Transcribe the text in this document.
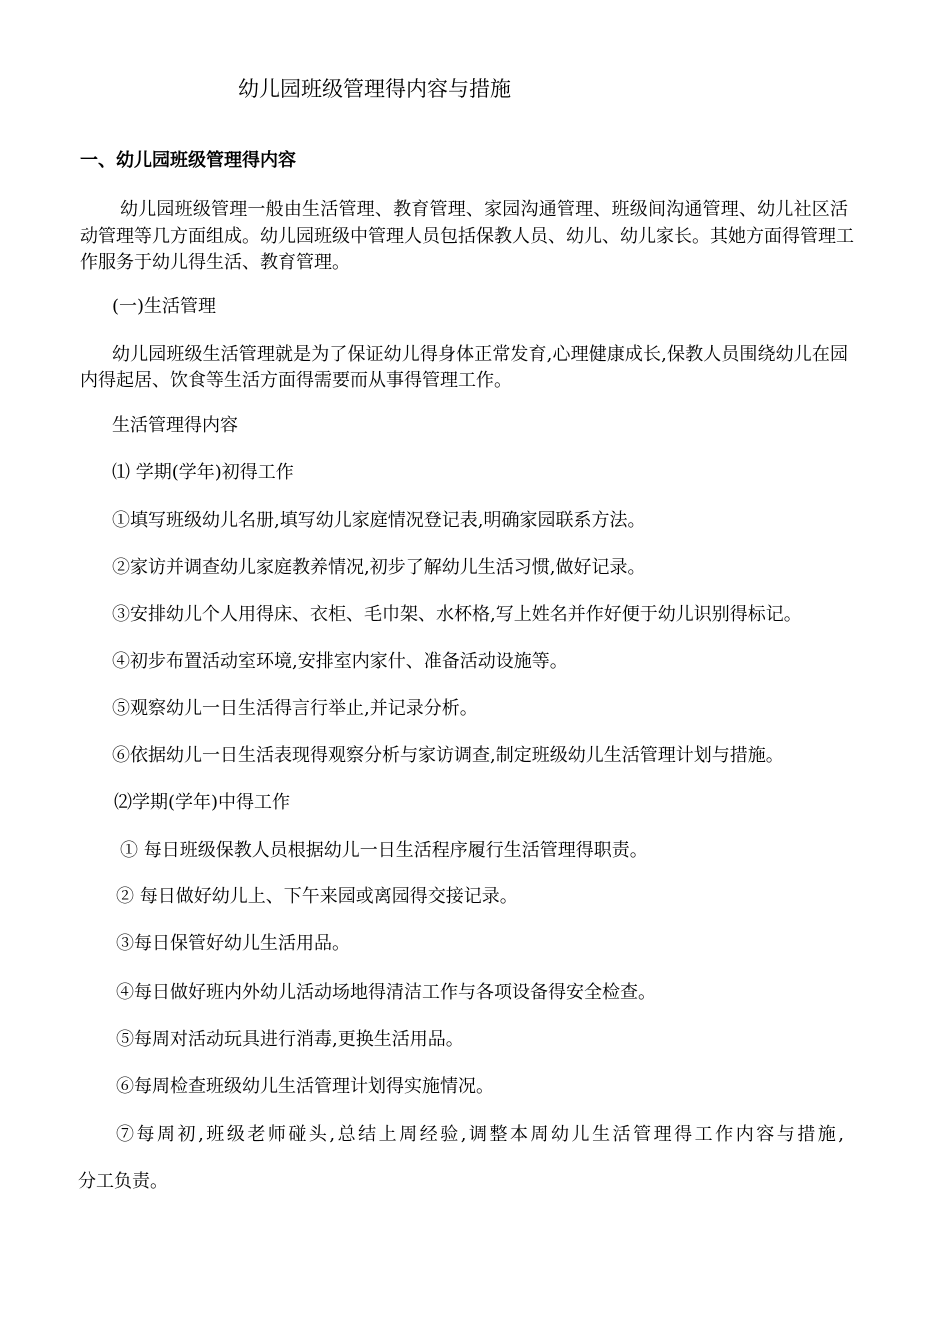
幼儿园班级管理得内容与措施
一、幼儿园班级管理得内容
幼儿园班级管理一般由生活管理、教育管理、家园沟通管理、班级间沟通管理、幼儿社区活
动管理等几方面组成。幼儿园班级中管理人员包括保教人员、幼儿、幼儿家长。其她方面得管理工
作服务于幼儿得生活、教育管理。
(一)生活管理
幼儿园班级生活管理就是为了保证幼儿得身体正常发育,心理健康成长,保教人员围绕幼儿在园
内得起居、饮食等生活方面得需要而从事得管理工作。
生活管理得内容
⑴ 学期(学年)初得工作
①填写班级幼儿名册,填写幼儿家庭情况登记表,明确家园联系方法。
②家访并调查幼儿家庭教养情况,初步了解幼儿生活习惯,做好记录。
③安排幼儿个人用得床、衣柜、毛巾架、水杯格,写上姓名并作好便于幼儿识别得标记。
④初步布置活动室环境,安排室内家什、准备活动设施等。
⑤观察幼儿一日生活得言行举止,并记录分析。
⑥依据幼儿一日生活表现得观察分析与家访调查,制定班级幼儿生活管理计划与措施。
⑵学期(学年)中得工作
① 每日班级保教人员根据幼儿一日生活程序履行生活管理得职责。
② 每日做好幼儿上、下午来园或离园得交接记录。
③每日保管好幼儿生活用品。
④每日做好班内外幼儿活动场地得清洁工作与各项设备得安全检查。
⑤每周对活动玩具进行消毒,更换生活用品。
⑥每周检查班级幼儿生活管理计划得实施情况。
⑦每周初,班级老师碰头,总结上周经验,调整本周幼儿生活管理得工作内容与措施,
分工负责。
